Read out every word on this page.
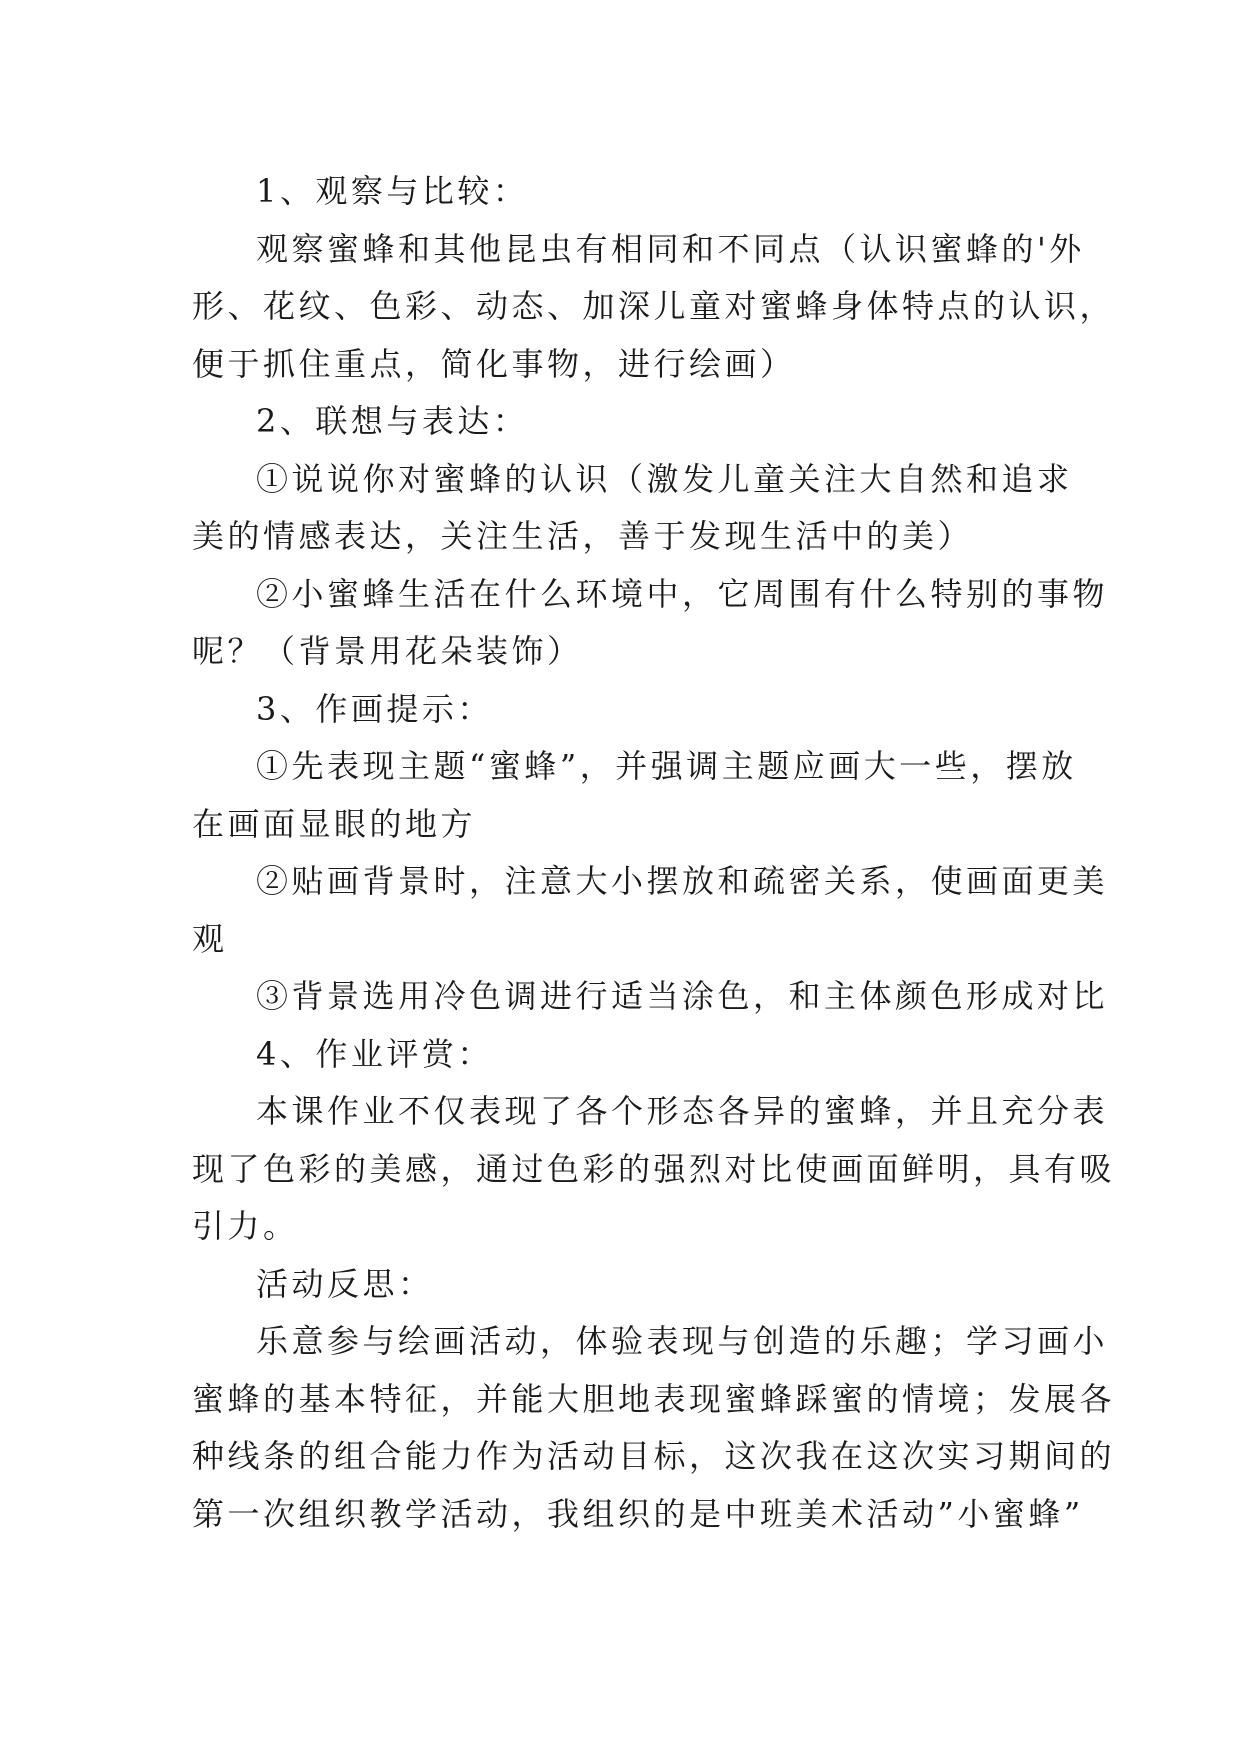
1、观察与比较：
观察蜜蜂和其他昆虫有相同和不同点（认识蜜蜂的'外
形、花纹、色彩、动态、加深儿童对蜜蜂身体特点的认识，
便于抓住重点，简化事物，进行绘画）
2、联想与表达：
①说说你对蜜蜂的认识（激发儿童关注大自然和追求
美的情感表达，关注生活，善于发现生活中的美）
②小蜜蜂生活在什么环境中，它周围有什么特别的事物
呢？（背景用花朵装饰）
3、作画提示：
①先表现主题“蜜蜂”，并强调主题应画大一些，摆放
在画面显眼的地方
②贴画背景时，注意大小摆放和疏密关系，使画面更美
观
③背景选用冷色调进行适当涂色，和主体颜色形成对比
4、作业评赏：
本课作业不仅表现了各个形态各异的蜜蜂，并且充分表
现了色彩的美感，通过色彩的强烈对比使画面鲜明，具有吸
引力。
活动反思：
乐意参与绘画活动，体验表现与创造的乐趣；学习画小
蜜蜂的基本特征，并能大胆地表现蜜蜂踩蜜的情境；发展各
种线条的组合能力作为活动目标，这次我在这次实习期间的
第一次组织教学活动，我组织的是中班美术活动”小蜜蜂”
